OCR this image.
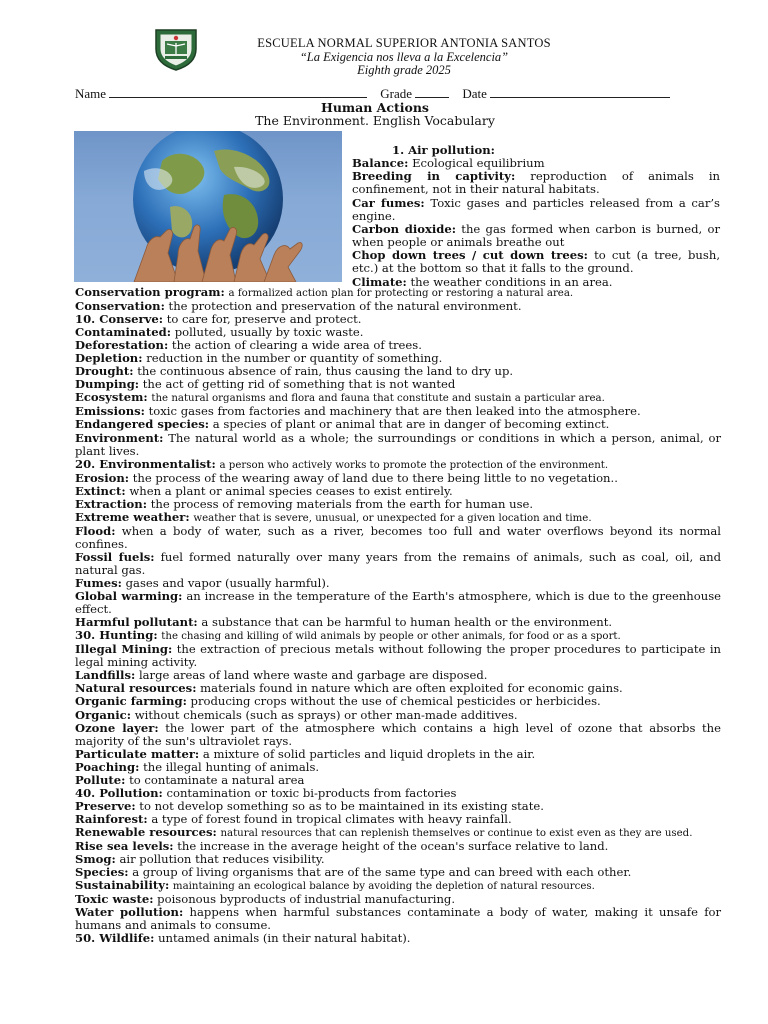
ESCUELA NORMAL SUPERIOR ANTONIA SANTOS
“La Exigencia nos lleva a la Excelencia”
Eighth grade 2025
Name	Grade	Date
Human Actions
The Environment. English Vocabulary
1. Air pollution:
Balance: Ecological equilibrium
Breeding in captivity: reproduction of animals in confinement, not in their natural habitats.
Car fumes: Toxic gases and particles released from a car’s engine.
Carbon dioxide: the gas formed when carbon is burned, or when people or animals breathe out
Chop down trees / cut down trees: to cut (a tree, bush, etc.) at the bottom so that it falls to the ground.
Climate: the weather conditions in an area.
Conservation program: a formalized action plan for protecting or restoring a natural area.
Conservation: the protection and preservation of the natural environment.
10. Conserve: to care for, preserve and protect.
Contaminated: polluted, usually by toxic waste.
Deforestation: the action of clearing a wide area of trees.
Depletion: reduction in the number or quantity of something.
Drought: the continuous absence of rain, thus causing the land to dry up.
Dumping: the act of getting rid of something that is not wanted
Ecosystem: the natural organisms and flora and fauna that constitute and sustain a particular area.
Emissions: toxic gases from factories and machinery that are then leaked into the atmosphere.
Endangered species: a species of plant or animal that are in danger of becoming extinct.
Environment: The natural world as a whole; the surroundings or conditions in which a person, animal, or plant lives.
20. Environmentalist: a person who actively works to promote the protection of the environment.
Erosion: the process of the wearing away of land due to there being little to no vegetation..
Extinct: when a plant or animal species ceases to exist entirely.
Extraction: the process of removing materials from the earth for human use.
Extreme weather: weather that is severe, unusual, or unexpected for a given location and time.
Flood: when a body of water, such as a river, becomes too full and water overflows beyond its normal confines.
Fossil fuels: fuel formed naturally over many years from the remains of animals, such as coal, oil, and natural gas.
Fumes: gases and vapor (usually harmful).
Global warming: an increase in the temperature of the Earth's atmosphere, which is due to the greenhouse effect.
Harmful pollutant: a substance that can be harmful to human health or the environment.
30. Hunting: the chasing and killing of wild animals by people or other animals, for food or as a sport.
Illegal Mining: the extraction of precious metals without following the proper procedures to participate in legal mining activity.
Landfills: large areas of land where waste and garbage are disposed.
Natural resources: materials found in nature which are often exploited for economic gains.
Organic farming: producing crops without the use of chemical pesticides or herbicides.
Organic: without chemicals (such as sprays) or other man-made additives.
Ozone layer: the lower part of the atmosphere which contains a high level of ozone that absorbs the majority of the sun's ultraviolet rays.
Particulate matter: a mixture of solid particles and liquid droplets in the air.
Poaching: the illegal hunting of animals.
Pollute: to contaminate a natural area
40. Pollution: contamination or toxic bi-products from factories
Preserve: to not develop something so as to be maintained in its existing state.
Rainforest: a type of forest found in tropical climates with heavy rainfall.
Renewable resources: natural resources that can replenish themselves or continue to exist even as they are used.
Rise sea levels: the increase in the average height of the ocean's surface relative to land.
Smog: air pollution that reduces visibility.
Species: a group of living organisms that are of the same type and can breed with each other.
Sustainability: maintaining an ecological balance by avoiding the depletion of natural resources.
Toxic waste: poisonous byproducts of industrial manufacturing.
Water pollution: happens when harmful substances contaminate a body of water, making it unsafe for humans and animals to consume.
50. Wildlife: untamed animals (in their natural habitat).
